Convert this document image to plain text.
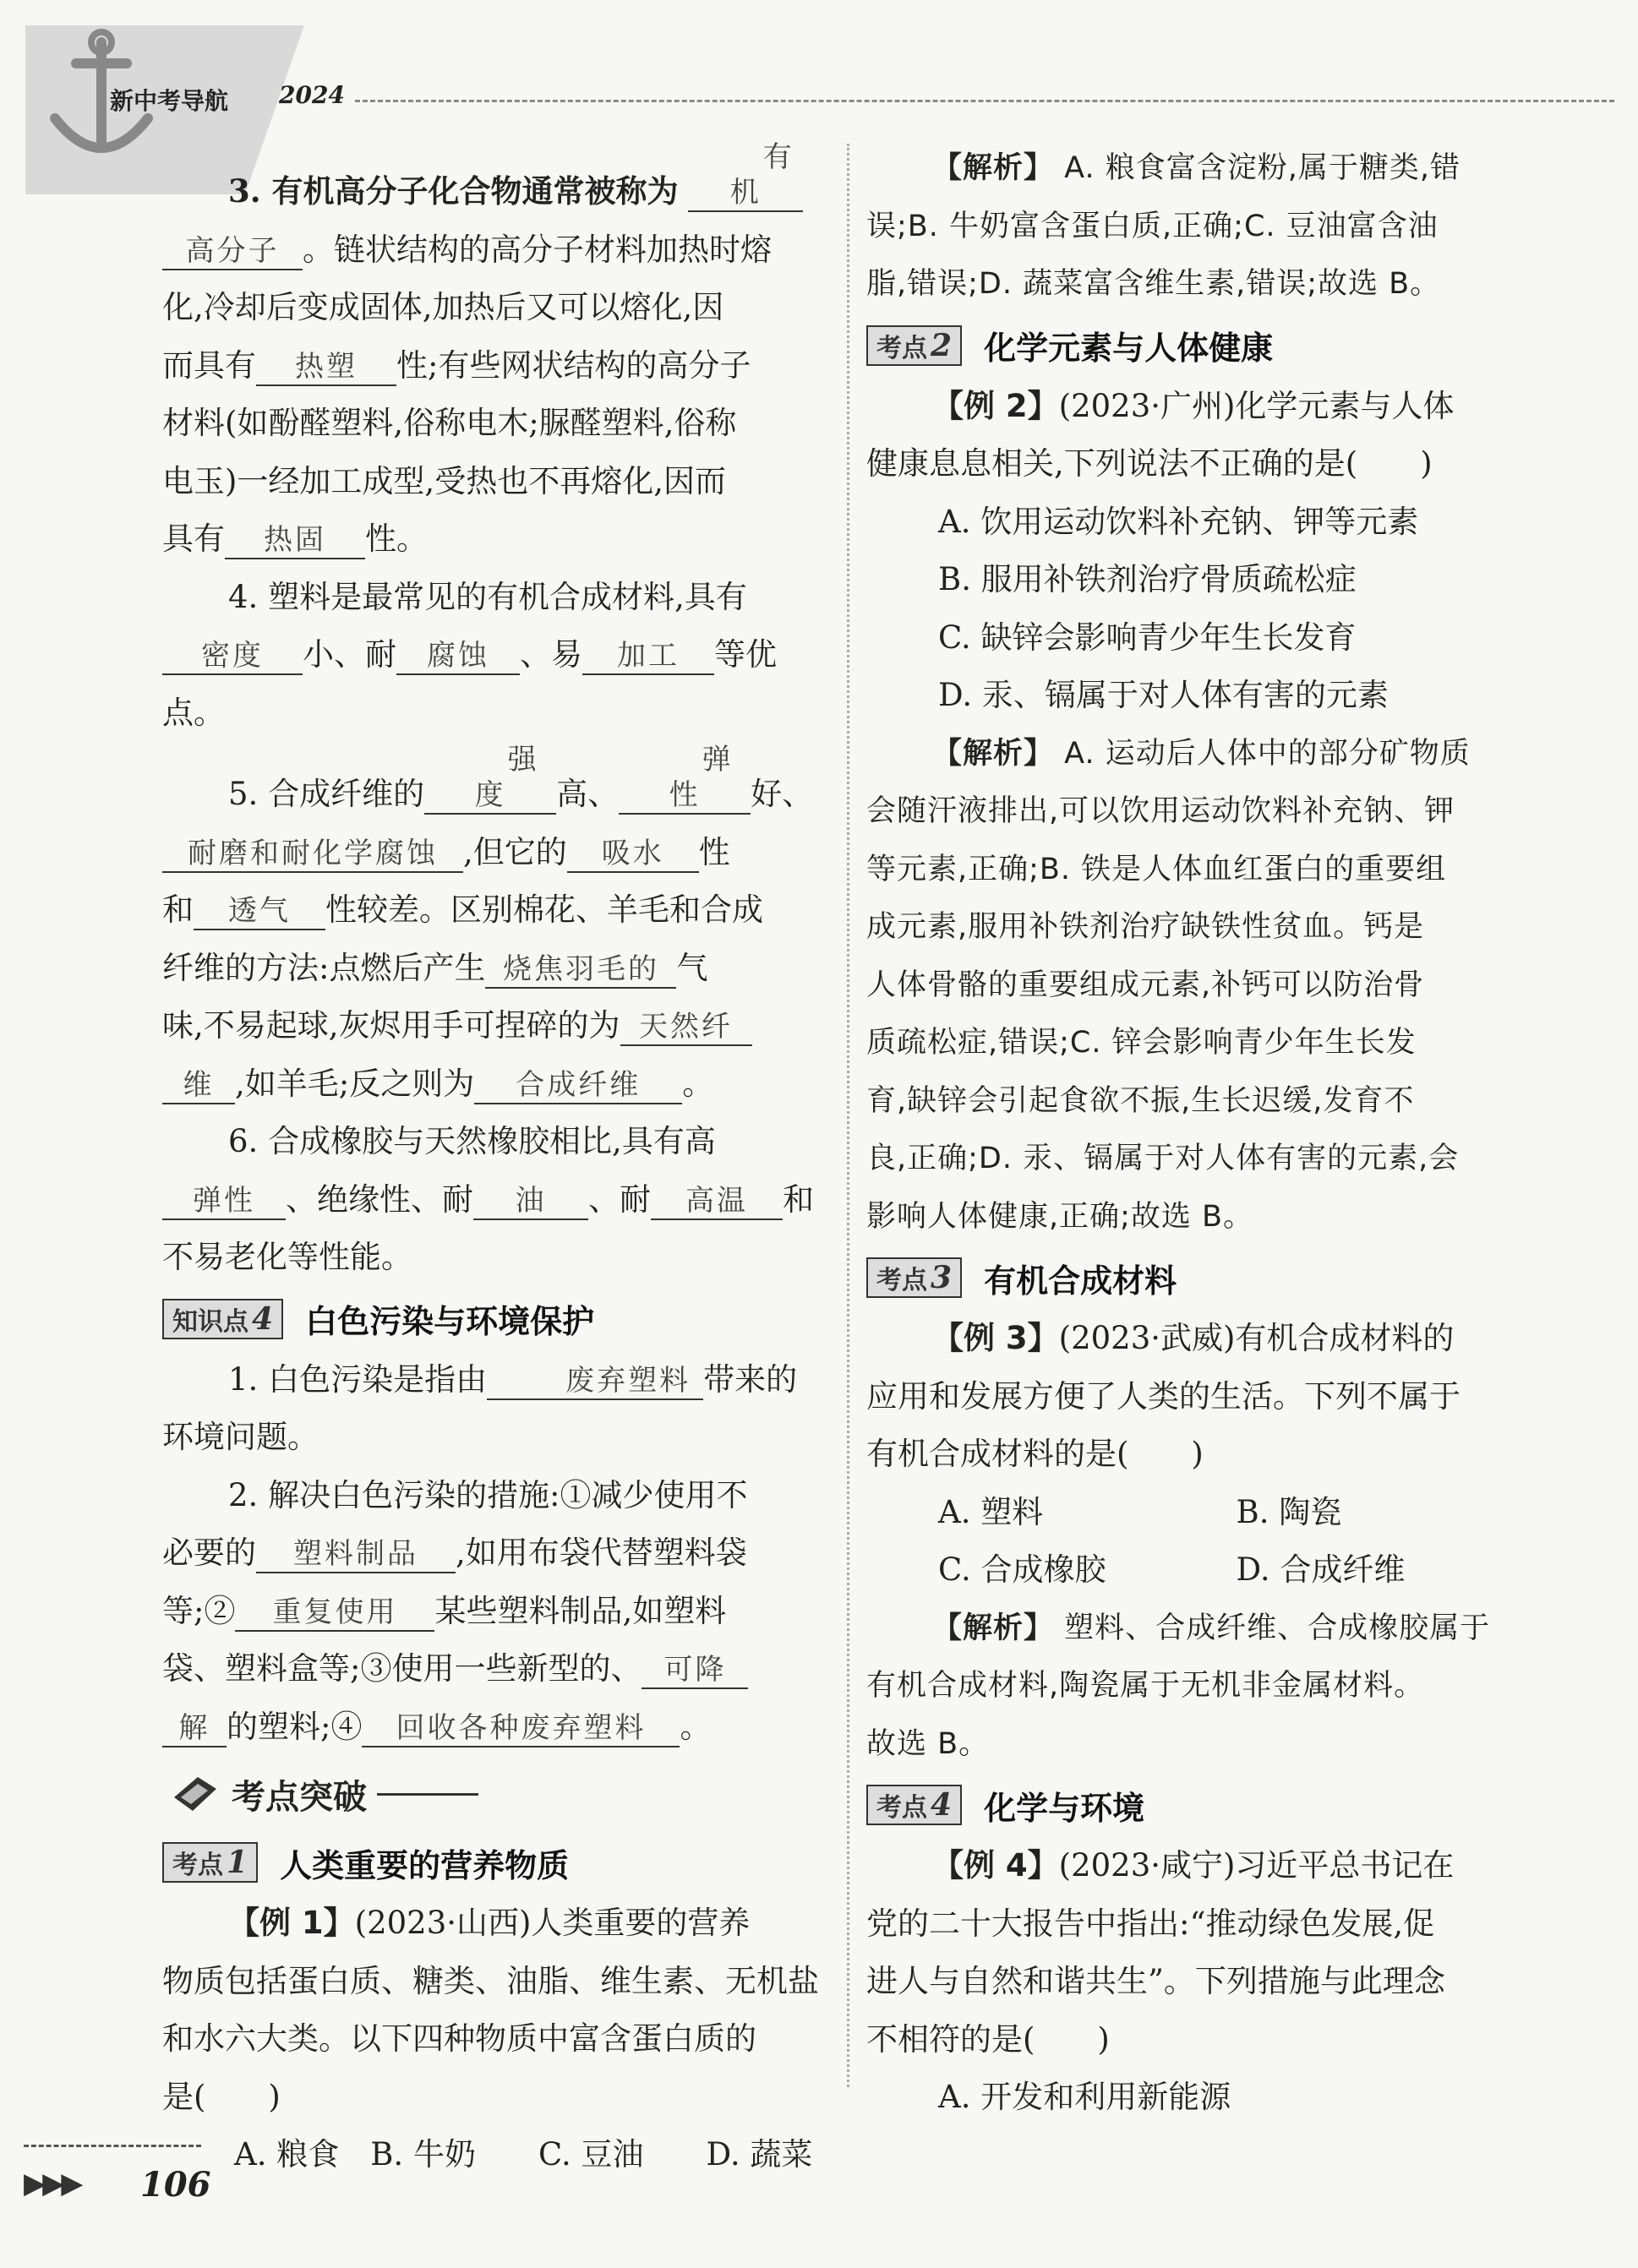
新中考导航 2024

3. 有机高分子化合物通常被称为 有机

高分子 。链状结构的高分子材料加热时熔

化,冷却后变成固体,加热后又可以熔化,因

而具有 热塑 性;有些网状结构的高分子

材料(如酚醛塑料,俗称电木;脲醛塑料,俗称

电玉)一经加工成型,受热也不再熔化,因而

具有 热固 性。

4. 塑料是最常见的有机合成材料,具有

密度 小、耐 腐蚀 、易 加工 等优

点。

5. 合成纤维的强度 高、弹性 好、

耐磨和耐化学腐蚀 ,但它的 吸水 性

和 透气 性较差。区别棉花、羊毛和合成

纤维的方法:点燃后产生 烧焦羽毛的 气

味,不易起球,灰烬用手可捏碎的为 天然纤

维 ,如羊毛;反之则为 合成纤维 。

6. 合成橡胶与天然橡胶相比,具有高

弹性 、绝缘性、耐 油 、耐 高温 和

不易老化等性能。

知识点 4 白色污染与环境保护

1. 白色污染是指由	废弃塑料 带来的

环境问题。

2. 解决白色污染的措施:①减少使用不

必要的 塑料制品 ,如用布袋代替塑料袋

等;② 重复使用 某些塑料制品,如塑料

袋、塑料盒等;③使用一些新型的、 可降

解 的塑料;④ 回收各种废弃塑料 。

考点突破
考点 1 人类重要的营养物质

【例 1】(2023·山西)人类重要的营养

物质包括蛋白质、糖类、油脂、维生素、无机盐

和水六大类。以下四种物质中富含蛋白质的

是(　　)

A. 粮食　B. 牛奶　　C. 豆油　　D. 蔬菜

【解析】 A. 粮食富含淀粉,属于糖类,错

误;B. 牛奶富含蛋白质,正确;C. 豆油富含油

脂,错误;D. 蔬菜富含维生素,错误;故选 B。

考点 2 化学元素与人体健康

【例 2】(2023·广州)化学元素与人体

健康息息相关,下列说法不正确的是(　　)

A. 饮用运动饮料补充钠、钾等元素

B. 服用补铁剂治疗骨质疏松症

C. 缺锌会影响青少年生长发育

D. 汞、镉属于对人体有害的元素

【解析】 A. 运动后人体中的部分矿物质

会随汗液排出,可以饮用运动饮料补充钠、钾

等元素,正确;B. 铁是人体血红蛋白的重要组

成元素,服用补铁剂治疗缺铁性贫血。钙是

人体骨骼的重要组成元素,补钙可以防治骨

质疏松症,错误;C. 锌会影响青少年生长发

育,缺锌会引起食欲不振,生长迟缓,发育不

良,正确;D. 汞、镉属于对人体有害的元素,会

影响人体健康,正确;故选 B。

考点 3 有机合成材料

【例 3】(2023·武威)有机合成材料的

应用和发展方便了人类的生活。下列不属于

有机合成材料的是(　　)

A. 塑料	B. 陶瓷
C. 合成橡胶	D. 合成纤维

【解析】 塑料、合成纤维、合成橡胶属于

有机合成材料,陶瓷属于无机非金属材料。

故选 B。

考点 4 化学与环境

【例 4】(2023·咸宁)习近平总书记在

党的二十大报告中指出:“推动绿色发展,促

进人与自然和谐共生”。下列措施与此理念

不相符的是(　　)

A. 开发和利用新能源

▶▶▶ 106
